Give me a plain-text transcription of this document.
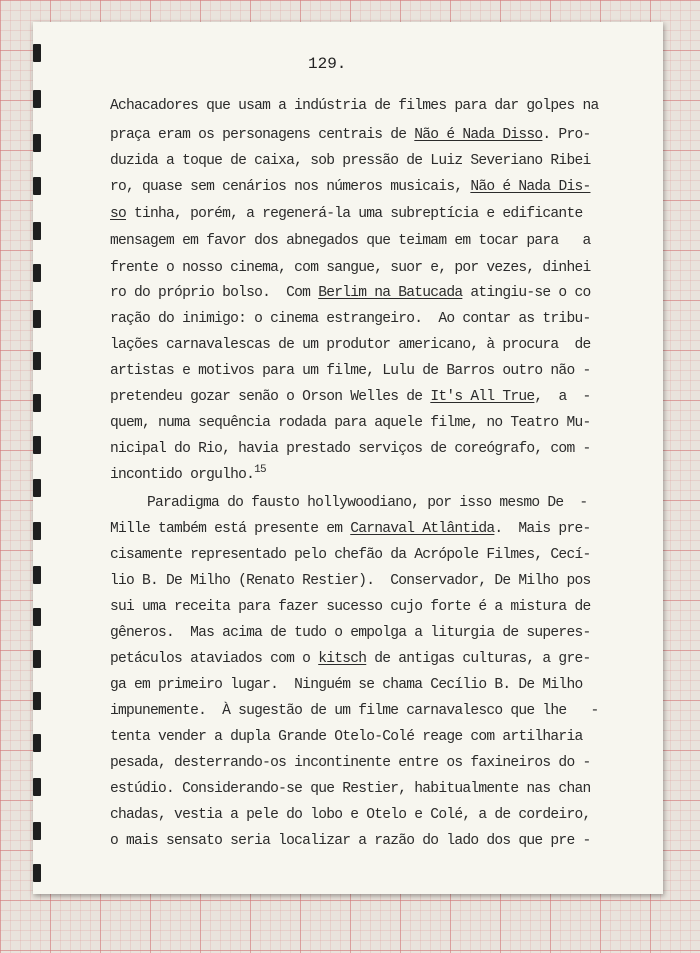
129.
Achacadores que usam a indústria de filmes para dar golpes na
praça eram os personagens centrais de Não é Nada Disso. Pro-
duzida a toque de caixa, sob pressão de Luiz Severiano Ribei
ro, quase sem cenários nos números musicais, Não é Nada Dis-
so tinha, porém, a regenerá-la uma subreptícia e edificante
mensagem em favor dos abnegados que teimam em tocar para   a
frente o nosso cinema, com sangue, suor e, por vezes, dinhei
ro do próprio bolso.  Com Berlim na Batucada atingiu-se o co
ração do inimigo: o cinema estrangeiro.  Ao contar as tribu-
lações carnavalescas de um produtor americano, à procura  de
artistas e motivos para um filme, Lulu de Barros outro não -
pretendeu gozar senão o Orson Welles de It's All True,  a  -
quem, numa sequência rodada para aquele filme, no Teatro Mu-
nicipal do Rio, havia prestado serviços de coreógrafo, com -
incontido orgulho.$^{15}$
Paradigma do fausto hollywoodiano, por isso mesmo De  -
Mille também está presente em Carnaval Atlântida.  Mais pre-
cisamente representado pelo chefão da Acrópole Filmes, Cecí-
lio B. De Milho (Renato Restier).  Conservador, De Milho pos
sui uma receita para fazer sucesso cujo forte é a mistura de
gêneros.  Mas acima de tudo o empolga a liturgia de superes-
petáculos ataviados com o kitsch de antigas culturas, a gre-
ga em primeiro lugar.  Ninguém se chama Cecílio B. De Milho
impunemente.  À sugestão de um filme carnavalesco que lhe   -
tenta vender a dupla Grande Otelo-Colé reage com artilharia
pesada, desterrando-os incontinente entre os faxineiros do -
estúdio. Considerando-se que Restier, habitualmente nas chan
chadas, vestia a pele do lobo e Otelo e Colé, a de cordeiro,
o mais sensato seria localizar a razão do lado dos que pre -
